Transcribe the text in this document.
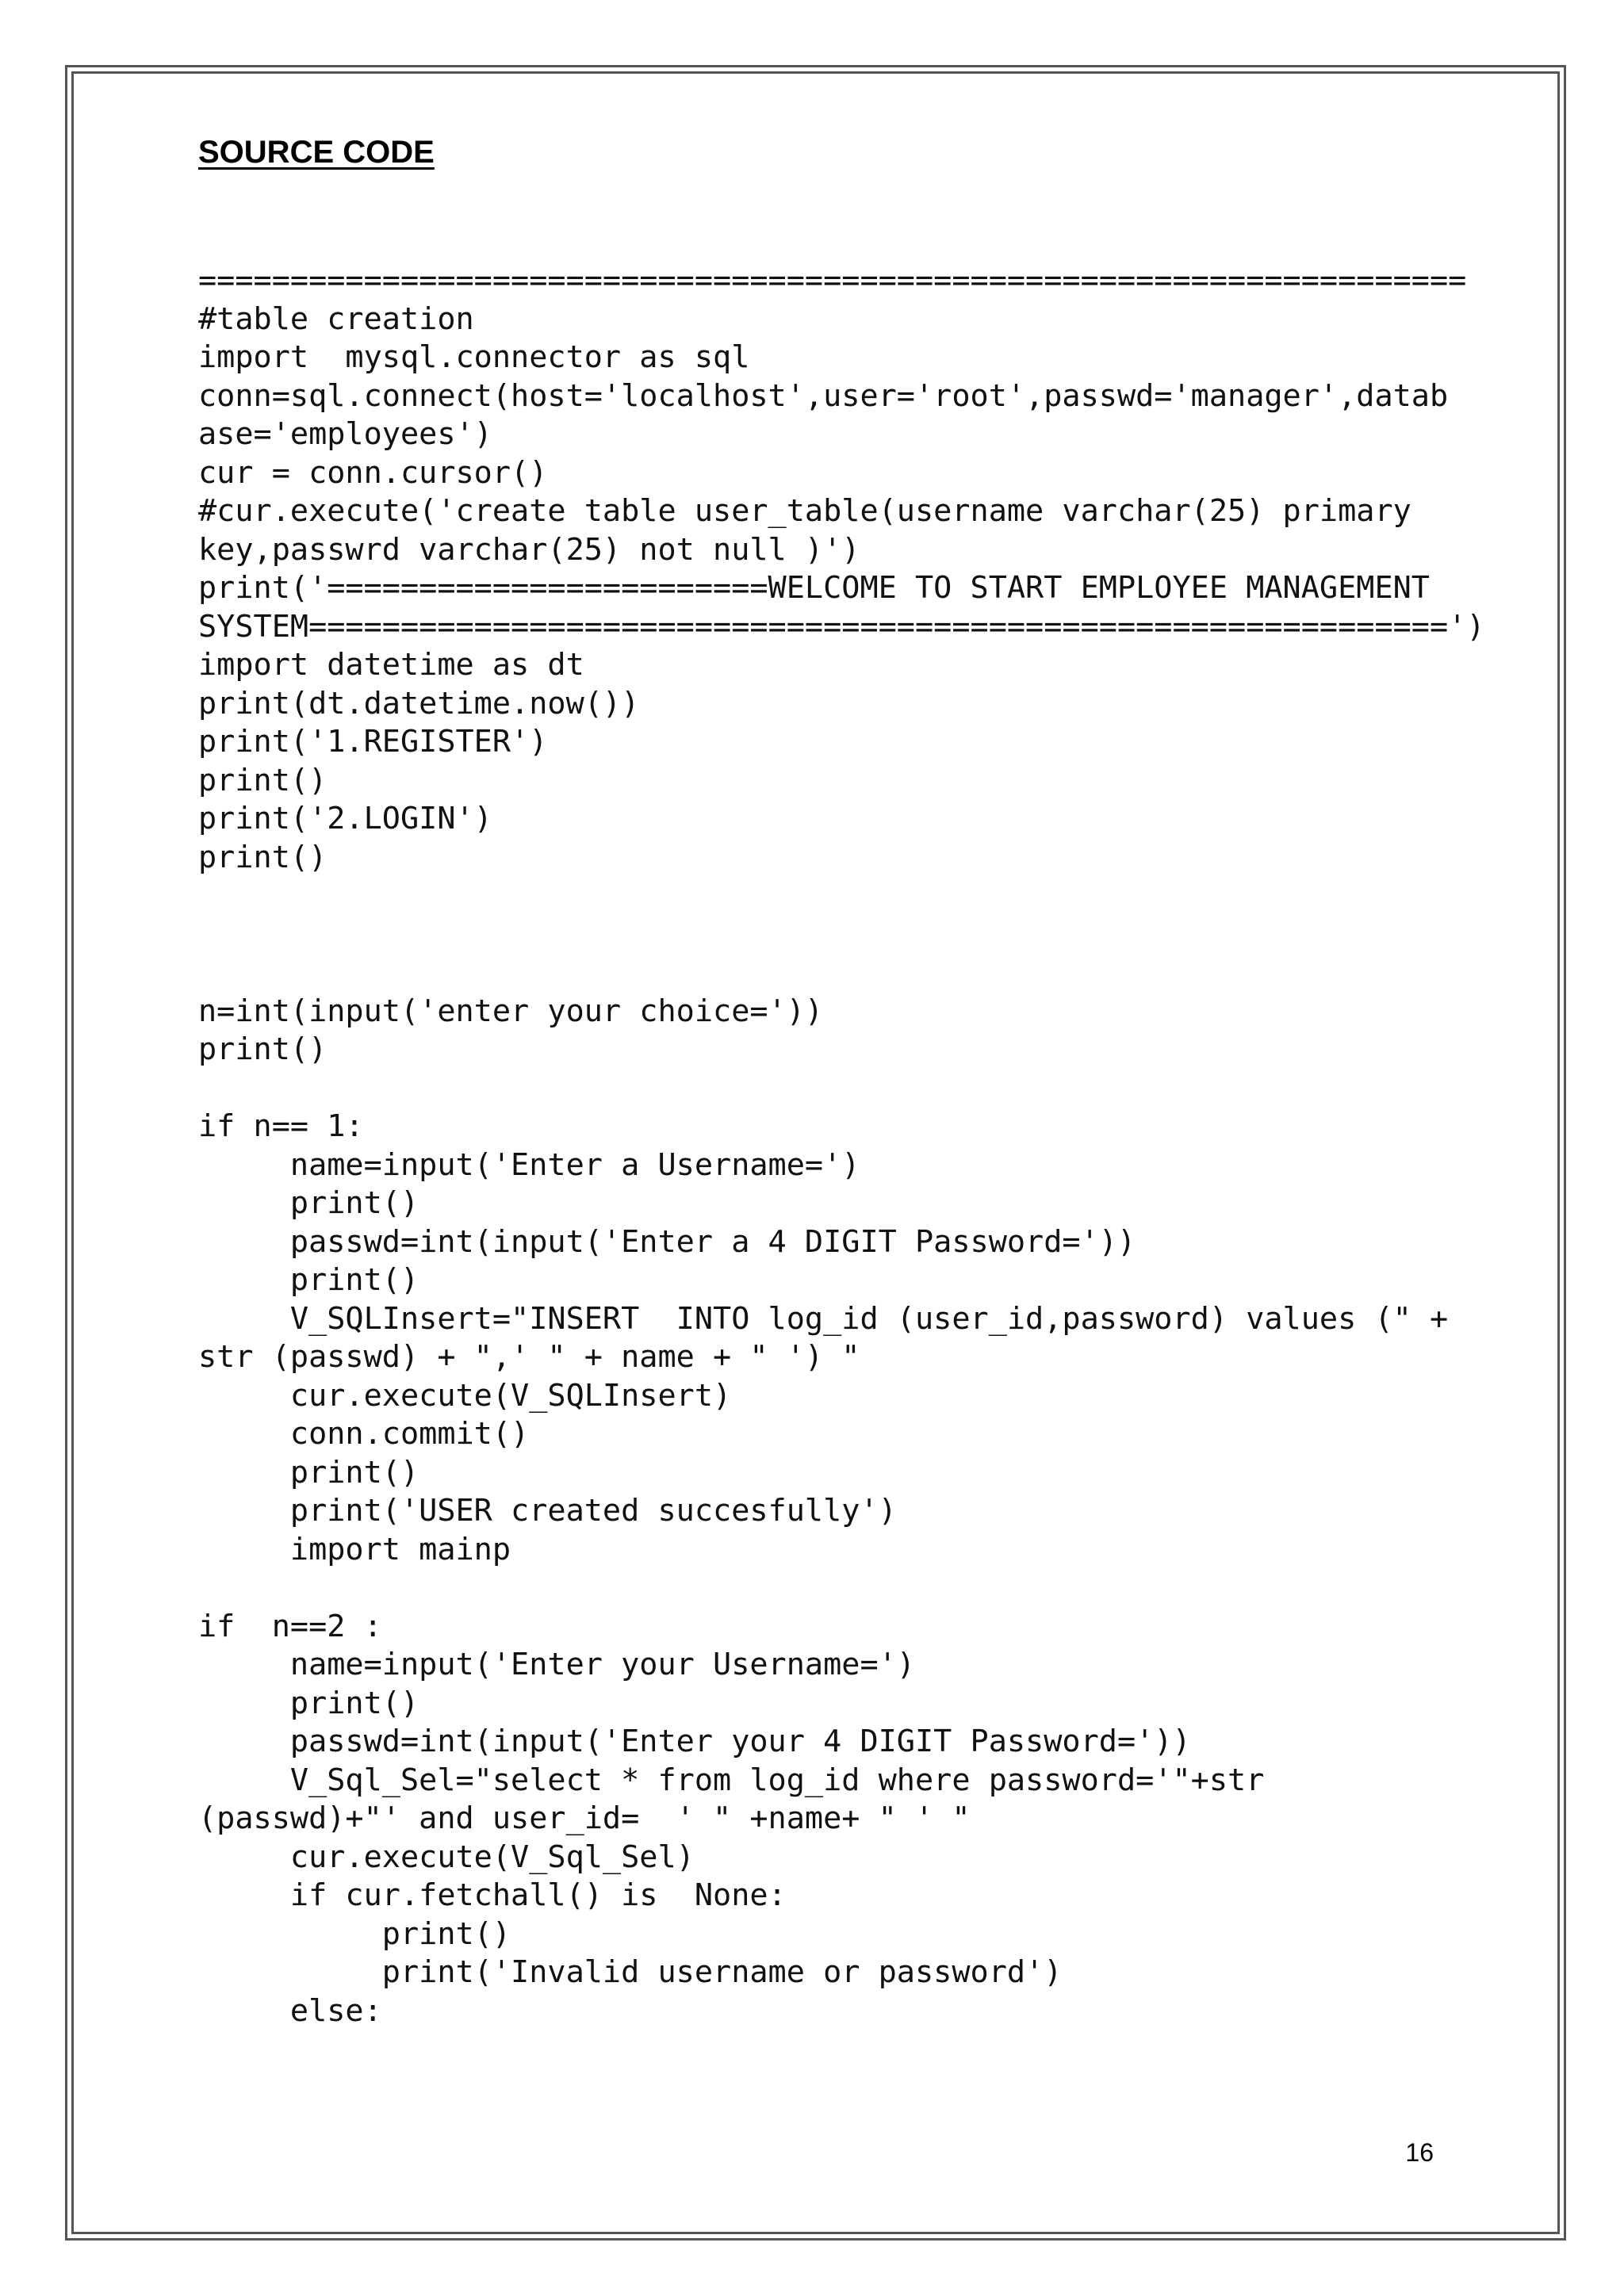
SOURCE CODE
=====================================================================
#table creation
import  mysql.connector as sql
conn=sql.connect(host='localhost',user='root',passwd='manager',datab
ase='employees')
cur = conn.cursor()
#cur.execute('create table user_table(username varchar(25) primary
key,passwrd varchar(25) not null )')
print('========================WELCOME TO START EMPLOYEE MANAGEMENT
SYSTEM==============================================================')
import datetime as dt
print(dt.datetime.now())
print('1.REGISTER')
print()
print('2.LOGIN')
print()
n=int(input('enter your choice='))
print()
if n== 1:
name=input('Enter a Username=')
print()
passwd=int(input('Enter a 4 DIGIT Password='))
print()
V_SQLInsert="INSERT  INTO log_id (user_id,password) values (" +
str (passwd) + ",' " + name + " ') "
cur.execute(V_SQLInsert)
conn.commit()
print()
print('USER created succesfully')
import mainp
if  n==2 :
name=input('Enter your Username=')
print()
passwd=int(input('Enter your 4 DIGIT Password='))
V_Sql_Sel="select * from log_id where password='"+str
(passwd)+"' and user_id=  ' " +name+ " ' "
cur.execute(V_Sql_Sel)
if cur.fetchall() is  None:
print()
print('Invalid username or password')
else:
16
